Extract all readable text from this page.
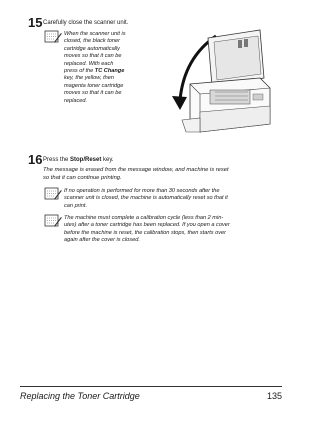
15 Carefully close the scanner unit.
When the scanner unit is
closed, the black toner
cartridge automatically
moves so that it can be
replaced. With each
press of the TC Change
key, the yellow, then
magenta toner cartridge
moves so that it can be
replaced.
16 Press the Stop/Reset key.
The message is erased from the message window, and machine is reset
so that it can continue printing.
If no operation is performed for more than 30 seconds after the
scanner unit is closed, the machine is automatically reset so that it
can print.
The machine must complete a calibration cycle (less than 2 min-
utes) after a toner cartridge has been replaced. If you open a cover
before the machine is reset, the calibration stops, then starts over
again after the cover is closed.
Replacing the Toner Cartridge	135
